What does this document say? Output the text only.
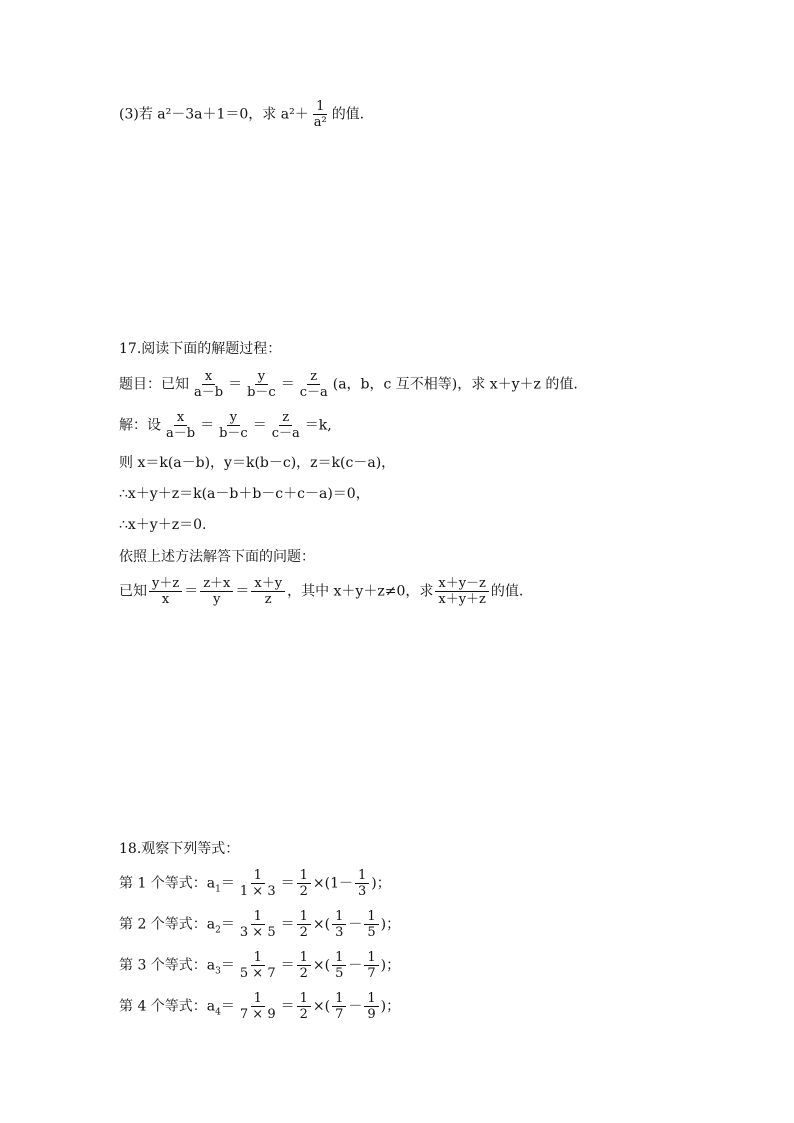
(3)若 a²－3a＋1＝0，求 $a^2+ \frac{1}{\text{a²}}$ 的值.
17.阅读下面的解题过程：
题目：已知 $\frac{x}{a-b} = \frac{y}{b-c} = \frac{z}{c-a} (a$，b，c 互不相等)，求 x＋y＋z 的值.
解：设 $\frac{x}{a-b} = \frac{y}{b-c} = \frac{z}{c-a} =k$,
则 x＝k(a－b)，y＝k(b－c)，z＝k(c－a)，
∴x＋y＋z＝k(a－b＋b－c＋c－a)＝0，
∴x＋y＋z＝0.
依照上述方法解答下面的问题：
已知 $\frac{y+z}{x} = \frac{z+x}{y} = \frac{x+y}{z}$ ，其中 x＋y＋z≠0，求 $\frac{x+y-z}{x+y+z}$ 的值.
18.观察下列等式：
第 1 个等式：$a_1= \frac{1}{1 \times 3} = \frac{1}{2} \times(1- \frac{1}{3}$ )；
第 2 个等式：$a_2= \frac{1}{3 \times 5} = \frac{1}{2}$ ×( $\frac{1}{3} - \frac{1}{5}$ )；
第 3 个等式：$a_3= \frac{1}{5 \times 7} = \frac{1}{2}$ ×( $\frac{1}{5} - \frac{1}{7}$ )；
第 4 个等式：$a_4= \frac{1}{7 \times 9} = \frac{1}{2}$ ×( $\frac{1}{7} - \frac{1}{9}$ )；
